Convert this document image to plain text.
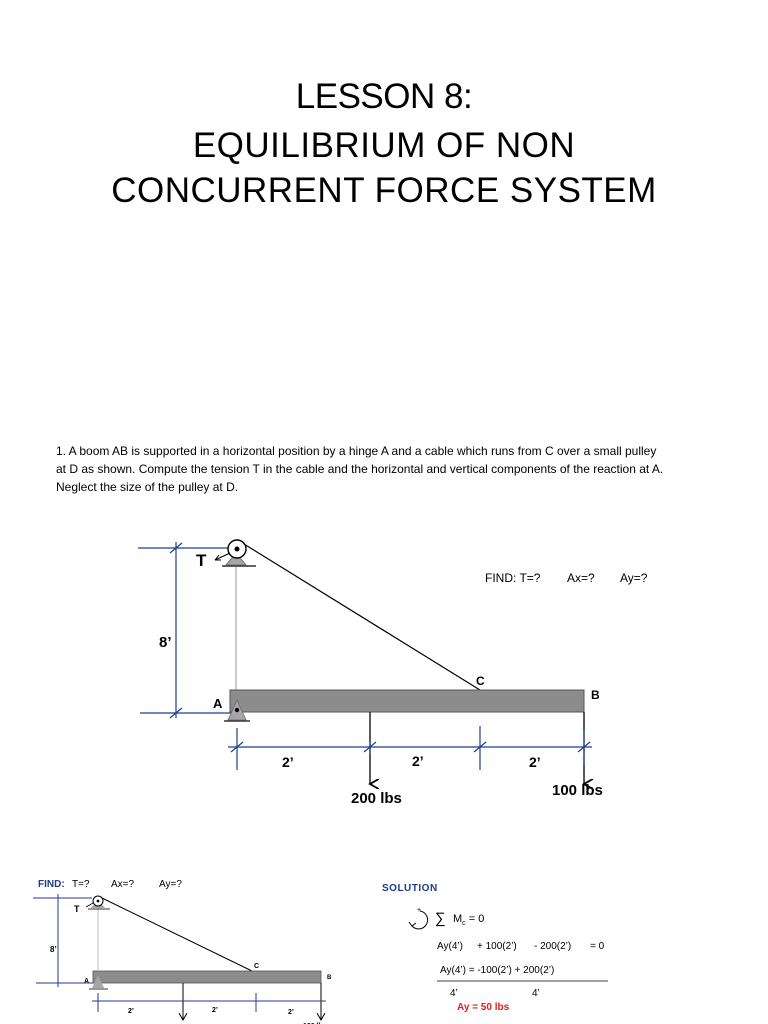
LESSON 8:
EQUILIBRIUM OF NON
CONCURRENT FORCE SYSTEM
1. A boom AB is supported in a horizontal position by a hinge A and a cable which runs from C over a small pulley
at D as shown. Compute the tension T in the cable and the horizontal and vertical components of the reaction at A.
Neglect the size of the pulley at D.
8’
T
A
C
B
2’	2’	2’
200 lbs	100 lbs
FIND: T=? Ax=? Ay=?
FIND: T=? Ax=? Ay=?
8’
T
A
C
B
2’	2’	2’
SOLUTION
+ ∑ $M_c = 0$
Ay(4’) + 100(2’) - 200(2’) = 0
Ay(4’) = -100(2’) + 200(2’)
4’	4’
Ay = 50 lbs
